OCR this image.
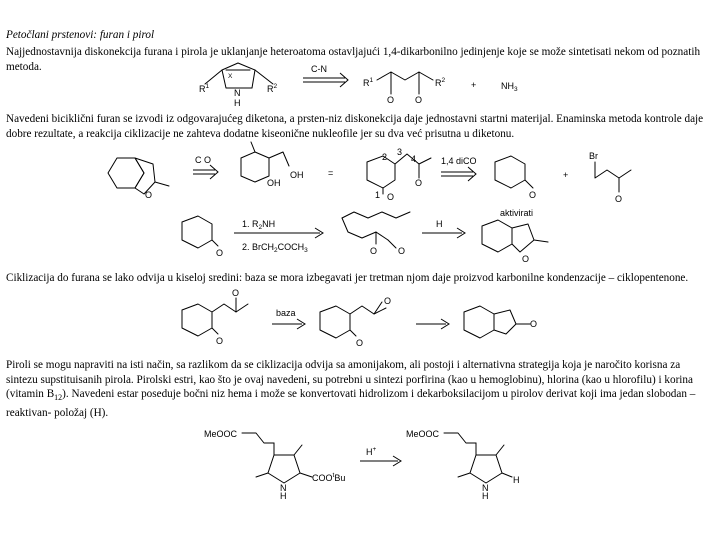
Petočlani prstenovi: furan i pirol

Najjednostavnija diskonekcija furana i pirola je uklanjanje heteroatoma ostavljajući 1,4-dikarbonilno jedinjenje koje se može sintetisati nekom od poznatih metoda.

X
N
H
$R^1$	$R^2$
C-N
O O
$R^1$	$R^2$	+	$NH_3$

Navedeni biciklični furan se izvodi iz odgovarajućeg diketona, a prsten-niz diskonekcija daje jednostavni startni materijal. Enaminska metoda kontrole daje dobre rezultate, a reakcija ciklizacije ne zahteva dodatne kiseonične nukleofile jer su dva već prisutna u diketonu.

O
C O
OH
OH	=
2 3
4
1 O
O
1,4 diCO
O
+
Br
O
O
1. $R_2NH$
2. $BrCH_2COCH_3$	O O
H
aktivirati
O

Ciklizacija do furana se lako odvija u kiseloj sredini: baza se mora izbegavati jer tretman njom daje proizvod karbonilne kondenzacije – ciklopentenone.

O
O
baza
O
O
O

Piroli se mogu napraviti na isti način, sa razlikom da se ciklizacija odvija sa amonijakom, ali postoji i alternativna strategija koja je naročito korisna za sintezu supstituisanih pirola. Pirolski estri, kao što je ovaj navedeni, su potrebni u sintezi porfirina (kao u hemoglobinu), hlorina (kao u hlorofilu) i korina (vitamin $B_{12}$). Navedeni estar poseduje bočni niz hema i može se konvertovati hidrolizom i dekarboksilacijom u pirolov derivat koji ima jedan slobodan –reaktivan- položaj (H).

MeOOC
N
H
COO$^t$Bu
H+
MeOOC
N
H
H
